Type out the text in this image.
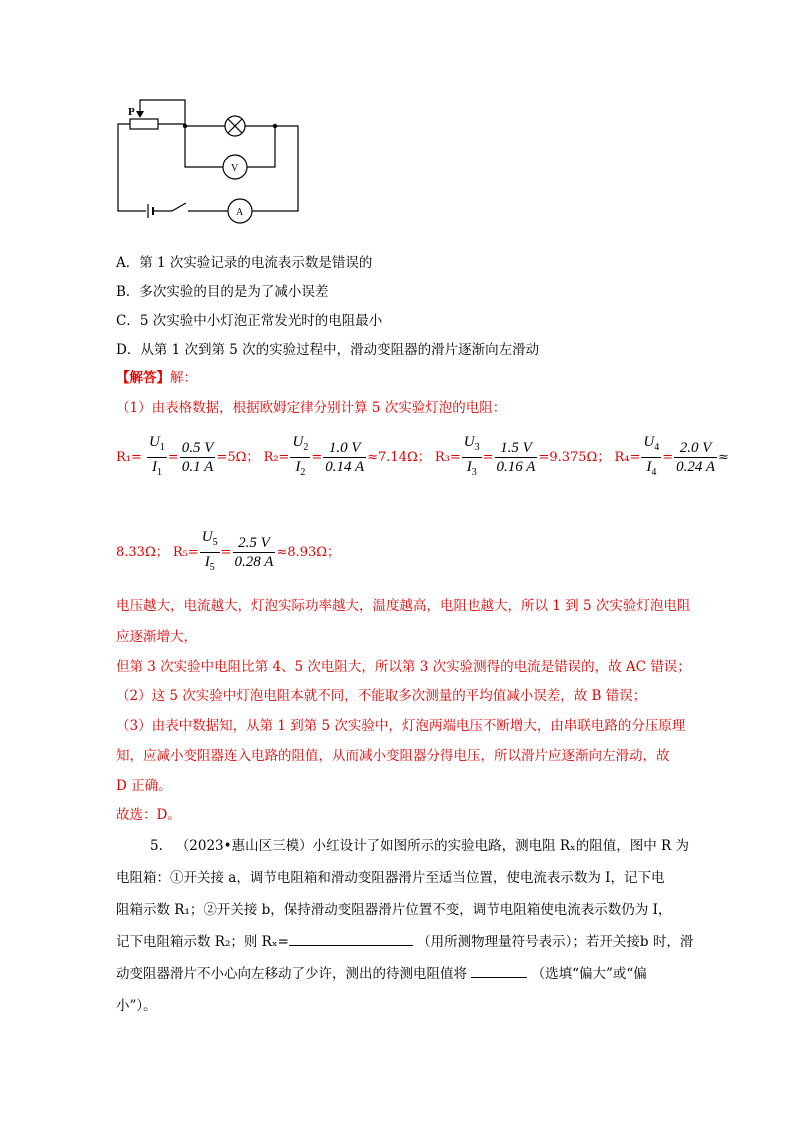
P
V
A
A．第 1 次实验记录的电流表示数是错误的
B．多次实验的目的是为了减小误差
C．5 次实验中小灯泡正常发光时的电阻最小
D．从第 1 次到第 5 次的实验过程中，滑动变阻器的滑片逐渐向左滑动
【解答】解：
（1）由表格数据，根据欧姆定律分别计算 5 次实验灯泡的电阻：
$R_1= \frac{U_1}{I_1} = \frac{0.5 V}{0.1 A} =5\Omega$； $R_2= \frac{U_2}{I_2} = \frac{1.0 V}{0.14 A} \approx 7.14\Omega$； $R_3= \frac{U_3}{I_3} = \frac{1.5 V}{0.16 A} =9.375\Omega$； $R_4= \frac{U_4}{I_4} = \frac{2.0 V}{0.24 A}$ ≈
8.33Ω； $R_5= \frac{U_5}{I_5} = \frac{2.5 V}{0.28 A} \approx 8.93\Omega$；
电压越大，电流越大，灯泡实际功率越大，温度越高，电阻也越大，所以 1 到 5 次实验灯泡电阻
应逐渐增大，
但第 3 次实验中电阻比第 4、5 次电阻大，所以第 3 次实验测得的电流是错误的，故 AC 错误；
（2）这 5 次实验中灯泡电阻本就不同，不能取多次测量的平均值减小误差，故 B 错误；
（3）由表中数据知，从第 1 到第 5 次实验中，灯泡两端电压不断增大，由串联电路的分压原理
知，应减小变阻器连入电路的阻值，从而减小变阻器分得电压，所以滑片应逐渐向左滑动，故
D 正确。
故选：D。
5. （2023•惠山区三模）小红设计了如图所示的实验电路，测电阻 Rₓ的阻值，图中 R 为
电阻箱：①开关接 a，调节电阻箱和滑动变阻器滑片至适当位置，使电流表示数为 I，记下电
阻箱示数 R₁；②开关接 b，保持滑动变阻器滑片位置不变，调节电阻箱使电流表示数仍为 I，
记下电阻箱示数 R₂；则 Rₓ=	（用所测物理量符号表示）；若开关接b 时，滑
动变阻器滑片不小心向左移动了少许，测出的待测电阻值将	（选填“偏大”或“偏
小”）。
